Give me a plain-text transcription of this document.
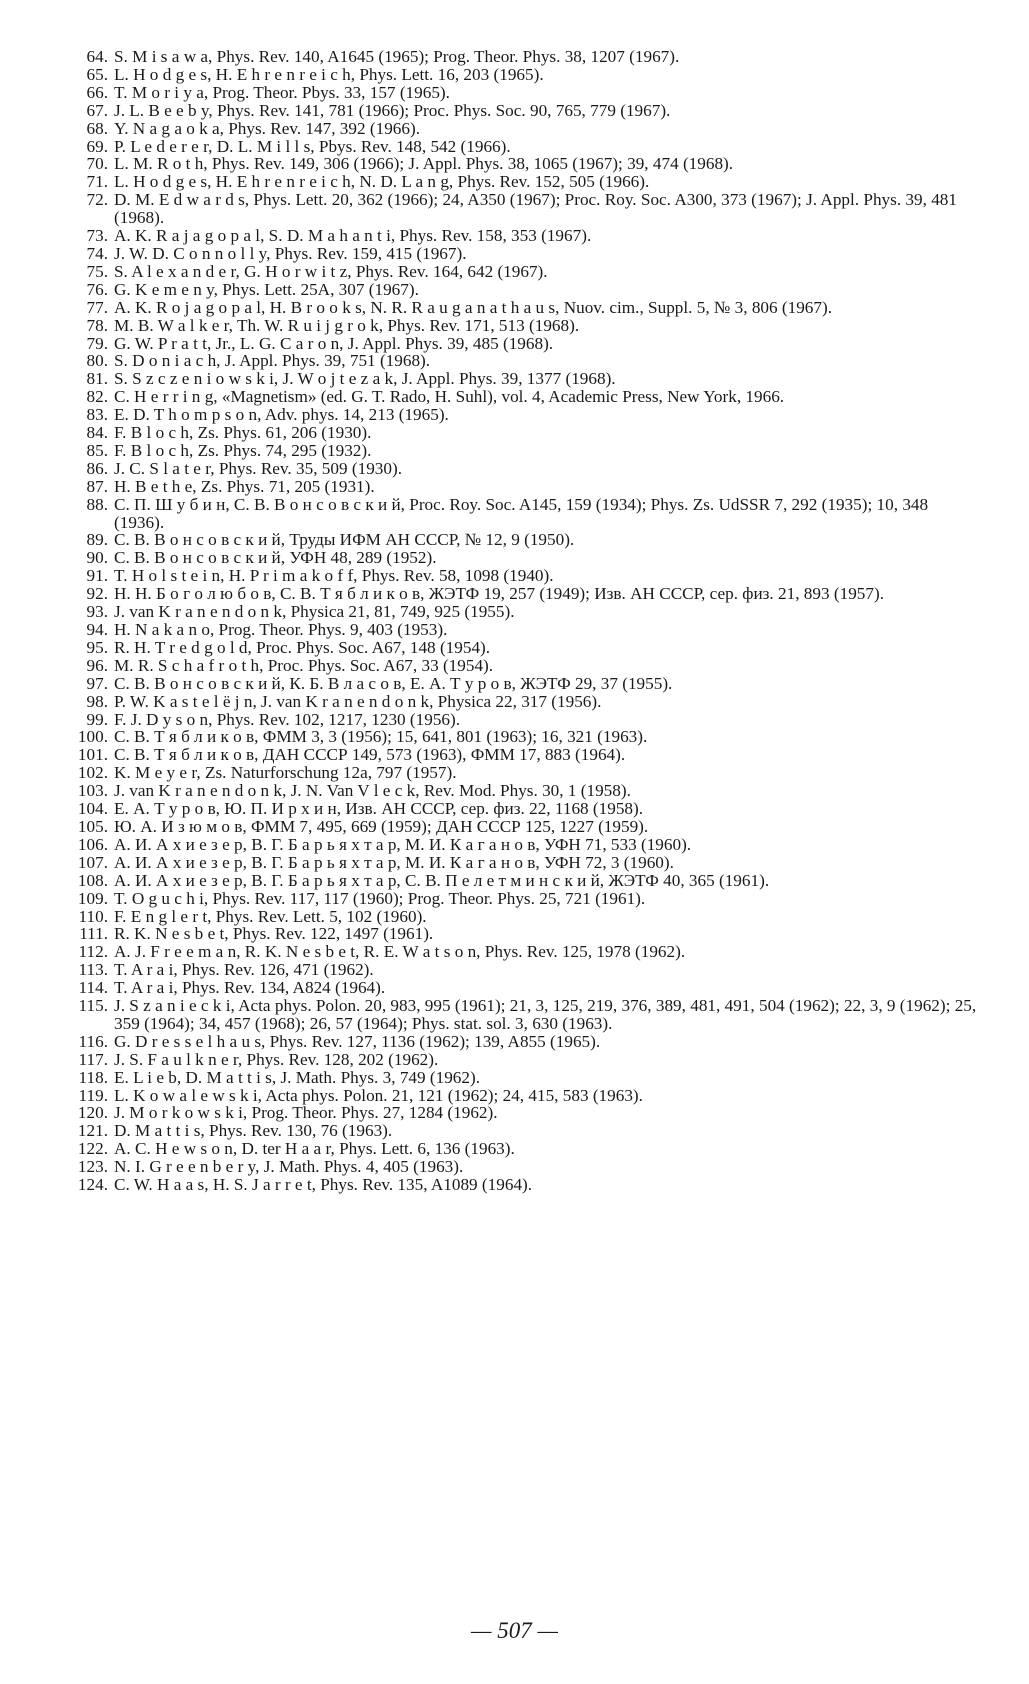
64. S. M i s a w a, Phys. Rev. 140, A1645 (1965); Prog. Theor. Phys. 38, 1207 (1967).
65. L. H o d g e s, H. E h r e n r e i c h, Phys. Lett. 16, 203 (1965).
66. T. M o r i y a, Prog. Theor. Pbys. 33, 157 (1965).
67. J. L. B e e b y, Phys. Rev. 141, 781 (1966); Proc. Phys. Soc. 90, 765, 779 (1967).
68. Y. N a g a o k a, Phys. Rev. 147, 392 (1966).
69. P. L e d e r e r, D. L. M i l l s, Pbys. Rev. 148, 542 (1966).
70. L. M. R o t h, Phys. Rev. 149, 306 (1966); J. Appl. Phys. 38, 1065 (1967); 39, 474 (1968).
71. L. H o d g e s, H. E h r e n r e i c h, N. D. L a n g, Phys. Rev. 152, 505 (1966).
72. D. M. E d w a r d s, Phys. Lett. 20, 362 (1966); 24, A350 (1967); Proc. Roy. Soc. A300, 373 (1967); J. Appl. Phys. 39, 481 (1968).
73. A. K. R a j a g o p a l, S. D. M a h a n t i, Phys. Rev. 158, 353 (1967).
74. J. W. D. C o n n o l l y, Phys. Rev. 159, 415 (1967).
75. S. A l e x a n d e r, G. H o r w i t z, Phys. Rev. 164, 642 (1967).
76. G. K e m e n y, Phys. Lett. 25A, 307 (1967).
77. A. K. R o j a g o p a l, H. B r o o k s, N. R. R a u g a n a t h a u s, Nuov. cim., Suppl. 5, № 3, 806 (1967).
78. M. B. W a l k e r, Th. W. R u i j g r o k, Phys. Rev. 171, 513 (1968).
79. G. W. P r a t t, Jr., L. G. C a r o n, J. Appl. Phys. 39, 485 (1968).
80. S. D o n i a c h, J. Appl. Phys. 39, 751 (1968).
81. S. S z c z e n i o w s k i, J. W o j t e z a k, J. Appl. Phys. 39, 1377 (1968).
82. C. H e r r i n g, «Magnetism» (ed. G. T. Rado, H. Suhl), vol. 4, Academic Press, New York, 1966.
83. E. D. T h o m p s o n, Adv. phys. 14, 213 (1965).
84. F. B l o c h, Zs. Phys. 61, 206 (1930).
85. F. B l o c h, Zs. Phys. 74, 295 (1932).
86. J. C. S l a t e r, Phys. Rev. 35, 509 (1930).
87. H. B e t h e, Zs. Phys. 71, 205 (1931).
88. С. П. Ш у б и н, С. В. В о н с о в с к и й, Proc. Roy. Soc. A145, 159 (1934); Phys. Zs. UdSSR 7, 292 (1935); 10, 348 (1936).
89. С. В. В о н с о в с к и й, Труды ИФМ АН СССР, № 12, 9 (1950).
90. С. В. В о н с о в с к и й, УФН 48, 289 (1952).
91. T. H o l s t e i n, H. P r i m a k o f f, Phys. Rev. 58, 1098 (1940).
92. Н. Н. Б о г о л ю б о в, С. В. Т я б л и к о в, ЖЭТФ 19, 257 (1949); Изв. АН СССР, сер. физ. 21, 893 (1957).
93. J. van K r a n e n d o n k, Physica 21, 81, 749, 925 (1955).
94. H. N a k a n o, Prog. Theor. Phys. 9, 403 (1953).
95. R. H. T r e d g o l d, Proc. Phys. Soc. A67, 148 (1954).
96. M. R. S c h a f r o t h, Proc. Phys. Soc. A67, 33 (1954).
97. С. В. В о н с о в с к и й, К. Б. В л а с о в, Е. А. Т у р о в, ЖЭТФ 29, 37 (1955).
98. P. W. K a s t e l ë j n, J. van K r a n e n d o n k, Physica 22, 317 (1956).
99. F. J. D y s o n, Phys. Rev. 102, 1217, 1230 (1956).
100. С. В. Т я б л и к о в, ФММ 3, 3 (1956); 15, 641, 801 (1963); 16, 321 (1963).
101. С. В. Т я б л и к о в, ДАН СССР 149, 573 (1963), ФММ 17, 883 (1964).
102. K. M e y e r, Zs. Naturforschung 12a, 797 (1957).
103. J. van K r a n e n d o n k, J. N. Van V l e c k, Rev. Mod. Phys. 30, 1 (1958).
104. Е. А. Т у р о в, Ю. П. И р х и н, Изв. АН СССР, сер. физ. 22, 1168 (1958).
105. Ю. А. И з ю м о в, ФММ 7, 495, 669 (1959); ДАН СССР 125, 1227 (1959).
106. А. И. А х и е з е р, В. Г. Б а р ь я х т а р, М. И. К а г а н о в, УФН 71, 533 (1960).
107. А. И. А х и е з е р, В. Г. Б а р ь я х т а р, М. И. К а г а н о в, УФН 72, 3 (1960).
108. А. И. А х и е з е р, В. Г. Б а р ь я х т а р, С. В. П е л е т м и н с к и й, ЖЭТФ 40, 365 (1961).
109. T. O g u c h i, Phys. Rev. 117, 117 (1960); Prog. Theor. Phys. 25, 721 (1961).
110. F. E n g l e r t, Phys. Rev. Lett. 5, 102 (1960).
111. R. K. N e s b e t, Phys. Rev. 122, 1497 (1961).
112. A. J. F r e e m a n, R. K. N e s b e t, R. E. W a t s o n, Phys. Rev. 125, 1978 (1962).
113. T. A r a i, Phys. Rev. 126, 471 (1962).
114. T. A r a i, Phys. Rev. 134, A824 (1964).
115. J. S z a n i e c k i, Acta phys. Polon. 20, 983, 995 (1961); 21, 3, 125, 219, 376, 389, 481, 491, 504 (1962); 22, 3, 9 (1962); 25, 359 (1964); 34, 457 (1968); 26, 57 (1964); Phys. stat. sol. 3, 630 (1963).
116. G. D r e s s e l h a u s, Phys. Rev. 127, 1136 (1962); 139, A855 (1965).
117. J. S. F a u l k n e r, Phys. Rev. 128, 202 (1962).
118. E. L i e b, D. M a t t i s, J. Math. Phys. 3, 749 (1962).
119. L. K o w a l e w s k i, Acta phys. Polon. 21, 121 (1962); 24, 415, 583 (1963).
120. J. M o r k o w s k i, Prog. Theor. Phys. 27, 1284 (1962).
121. D. M a t t i s, Phys. Rev. 130, 76 (1963).
122. A. C. H e w s o n, D. ter H a a r, Phys. Lett. 6, 136 (1963).
123. N. I. G r e e n b e r y, J. Math. Phys. 4, 405 (1963).
124. C. W. H a a s, H. S. J a r r e t, Phys. Rev. 135, A1089 (1964).
— 507 —
